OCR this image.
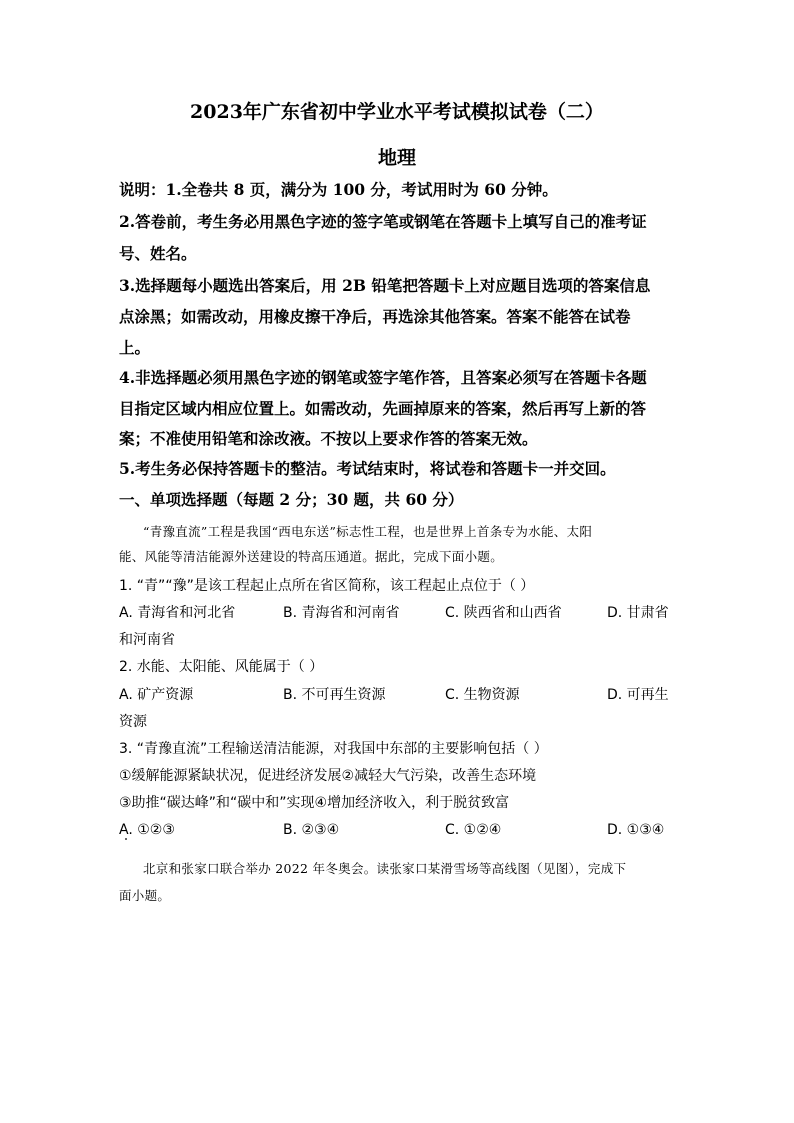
2023年广东省初中学业水平考试模拟试卷（二）
地理
说明：1.全卷共 8 页，满分为 100 分，考试用时为 60 分钟。
2.答卷前，考生务必用黑色字迹的签字笔或钢笔在答题卡上填写自己的准考证
号、姓名。
3.选择题每小题选出答案后，用 2B 铅笔把答题卡上对应题目选项的答案信息
点涂黑；如需改动，用橡皮擦干净后，再选涂其他答案。答案不能答在试卷
上。
4.非选择题必须用黑色字迹的钢笔或签字笔作答，且答案必须写在答题卡各题
目指定区域内相应位置上。如需改动，先画掉原来的答案，然后再写上新的答
案；不准使用铅笔和涂改液。不按以上要求作答的答案无效。
5.考生务必保持答题卡的整洁。考试结束时，将试卷和答题卡一并交回。
一、单项选择题（每题 2 分；30 题，共 60 分）
“青豫直流”工程是我国“西电东送”标志性工程，也是世界上首条专为水能、太阳
能、风能等清洁能源外送建设的特高压通道。据此，完成下面小题。
1. “青”“豫”是该工程起止点所在省区简称，该工程起止点位于（ ）
A. 青海省和河北省	B. 青海省和河南省	C. 陕西省和山西省	D. 甘肃省
和河南省
2. 水能、太阳能、风能属于（ ）
A. 矿产资源	B. 不可再生资源	C. 生物资源	D. 可再生
资源
3. “青豫直流”工程输送清洁能源，对我国中东部的主要影响包括（ ）
①缓解能源紧缺状况，促进经济发展②减轻大气污染，改善生态环境
③助推“碳达峰”和“碳中和”实现④增加经济收入，利于脱贫致富
A. ①②③	B. ②③④	C. ①②④	D. ①③④
北京和张家口联合举办 2022 年冬奥会。读张家口某滑雪场等高线图（见图），完成下
面小题。
